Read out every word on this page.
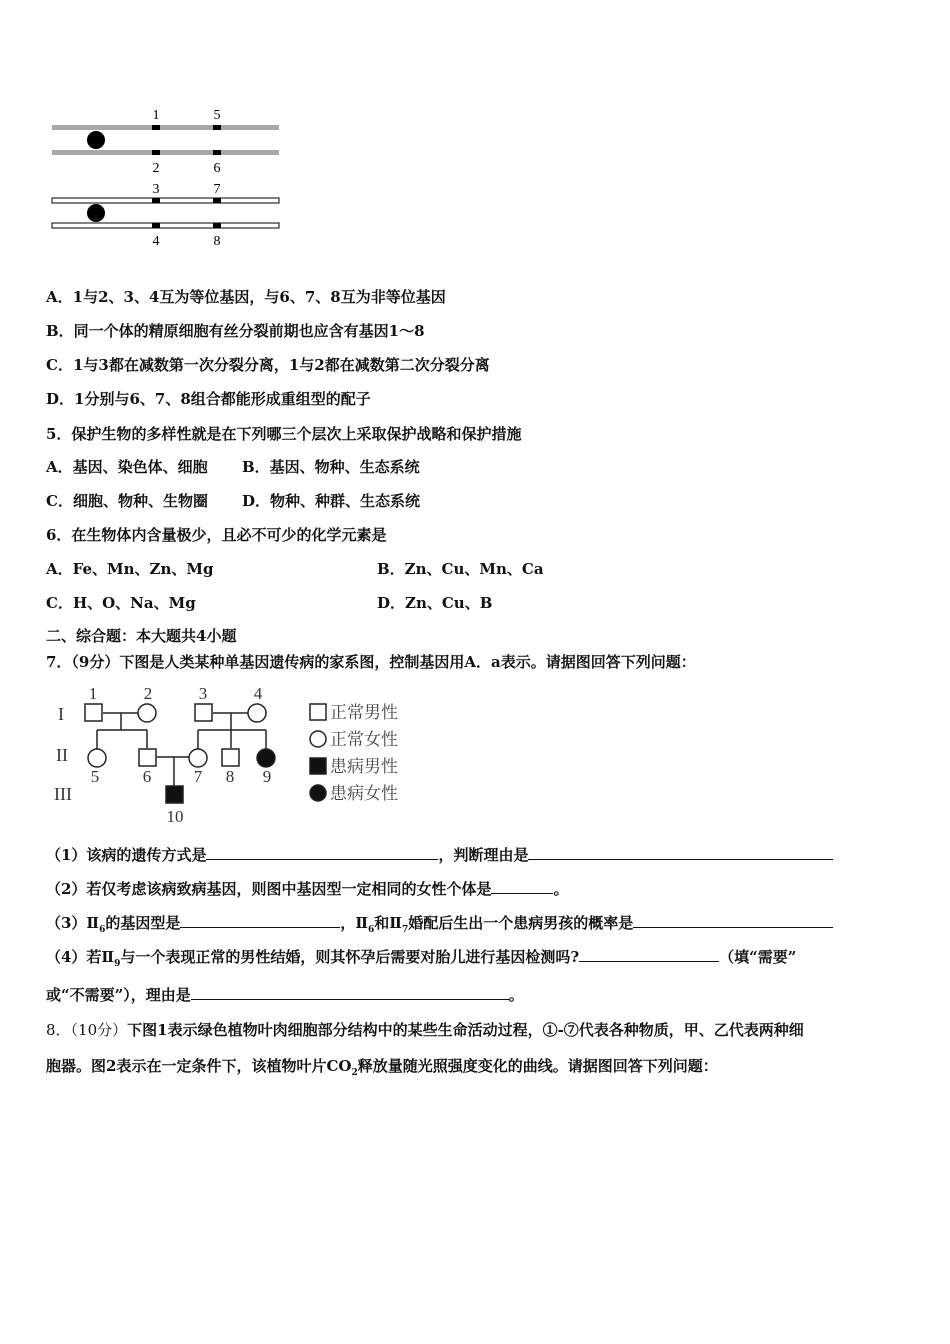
1
2
3
4
5
6
7
8
A．1与2、3、4互为等位基因，与6、7、8互为非等位基因
B．同一个体的精原细胞有丝分裂前期也应含有基因1～8
C．1与3都在减数第一次分裂分离，1与2都在减数第二次分裂分离
D．1分别与6、7、8组合都能形成重组型的配子
5．保护生物的多样性就是在下列哪三个层次上采取保护战略和保护措施
A．基因、染色体、细胞 B．基因、物种、生态系统
C．细胞、物种、生物圈 D．物种、种群、生态系统
6．在生物体内含量极少，且必不可少的化学元素是
A．Fe、Mn、Zn、Mg	B．Zn、Cu、Mn、Ca
C．H、O、Na、Mg	D．Zn、Cu、B
二、综合题：本大题共4小题
7．（9分）下图是人类某种单基因遗传病的家系图，控制基因用A．a表示。请据图回答下列问题：
I
II
III
1	2	3	4
5	6	7 8 9
10
正常男性
正常女性
患病男性
患病女性
（1）该病的遗传方式是	，判断理由是
（2）若仅考虑该病致病基因，则图中基因型一定相同的女性个体是	。
$(3)Ⅱ_6$的基因型是	，$Ⅱ_6$和$Ⅱ_7$婚配后生出一个患病男孩的概率是
（4）若$Ⅱ_9$与一个表现正常的男性结婚，则其怀孕后需要对胎儿进行基因检测吗?	（填“需要”
或“不需要”），理由是	。
8．（10分）下图1表示绿色植物叶肉细胞部分结构中的某些生命活动过程，①-⑦代表各种物质，甲、乙代表两种细
胞器。图2表示在一定条件下，该植物叶片$CO_2$释放量随光照强度变化的曲线。请据图回答下列问题：
